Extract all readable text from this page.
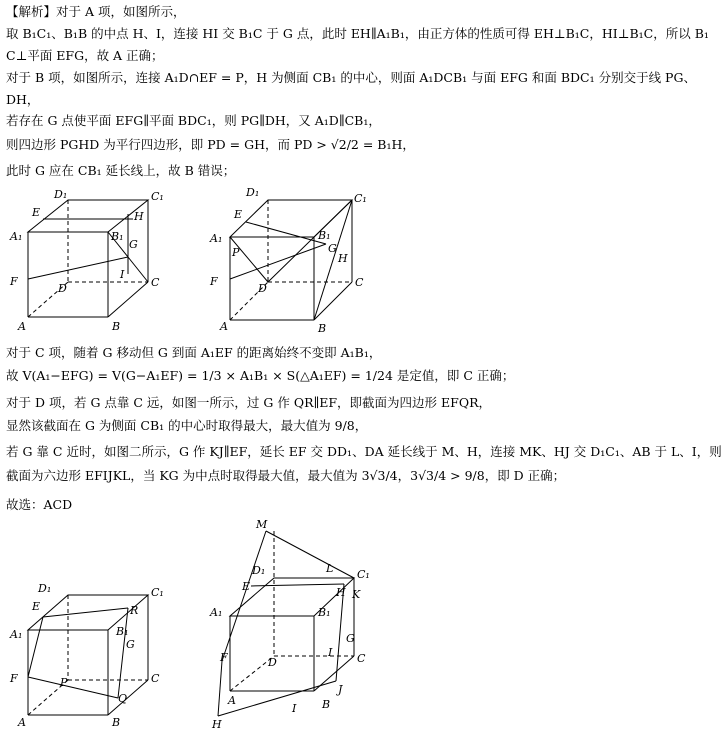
【解析】对于 A 项，如图所示，
取 B₁C₁、B₁B 的中点 H、I，连接 HI 交 B₁C 于 G 点，此时 EH∥A₁B₁，由正方体的性质可得 EH⊥B₁C，HI⊥B₁C，所以 B₁
C⊥平面 EFG，故 A 正确；
对于 B 项，如图所示，连接 A₁D∩EF = P，H 为侧面 CB₁ 的中心，则面 A₁DCB₁ 与面 EFG 和面 BDC₁ 分别交于线 PG、
DH，
若存在 G 点使平面 EFG∥平面 BDC₁，则 PG∥DH，又 A₁D∥CB₁，
则四边形 PGHD 为平行四边形，即 PD = GH，而 PD > √2/2 = B₁H，
此时 G 应在 CB₁ 延长线上，故 B 错误；
D₁	C₁
E	H
A₁	B₁
G
F
I
D	C
A	B
D₁	C₁
E
B₁
A₁
P	G
H
F
D	C
A	B
对于 C 项，随着 G 移动但 G 到面 A₁EF 的距离始终不变即 A₁B₁，
故 V(A₁−EFG) = V(G−A₁EF) = 1/3 × A₁B₁ × S(△A₁EF) = 1/24 是定值，即 C 正确；
对于 D 项，若 G 点靠 C 远，如图一所示，过 G 作 QR∥EF，即截面为四边形 EFQR，
显然该截面在 G 为侧面 CB₁ 的中心时取得最大，最大值为 9/8，
若 G 靠 C 近时，如图二所示，G 作 KJ∥EF，延长 EF 交 DD₁、DA 延长线于 M、H，连接 MK、HJ 交 D₁C₁、AB 于 L、I，则
截面为六边形 EFIJKL，当 KG 为中点时取得最大值，最大值为 3√3/4，3√3/4 > 9/8，即 D 正确；
故选：ACD
D₁	C₁
E	R
A₁	B₁
G
F	P	C
Q
A	B
M
D₁	L C₁
E	H K
A₁	B₁
G
F	D
I C
J
A
I B
H
